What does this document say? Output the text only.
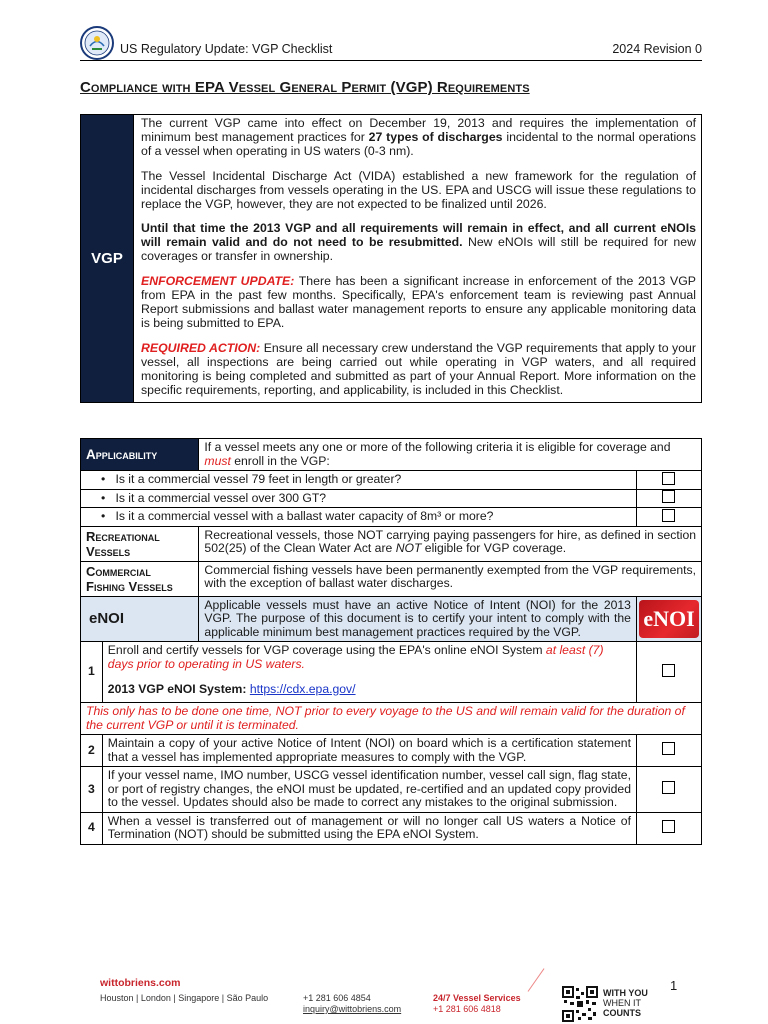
US Regulatory Update: VGP Checklist	2024 Revision 0
Compliance with EPA Vessel General Permit (VGP) Requirements
VGP	

The current VGP came into effect on December 19, 2013 and requires the implementation of minimum best management practices for 27 types of discharges incidental to the normal operations of a vessel when operating in US waters (0-3 nm).

The Vessel Incidental Discharge Act (VIDA) established a new framework for the regulation of incidental discharges from vessels operating in the US. EPA and USCG will issue these regulations to replace the VGP, however, they are not expected to be finalized until 2026.

Until that time the 2013 VGP and all requirements will remain in effect, and all current eNOIs will remain valid and do not need to be resubmitted. New eNOIs will still be required for new coverages or transfer in ownership.

ENFORCEMENT UPDATE: There has been a significant increase in enforcement of the 2013 VGP from EPA in the past few months. Specifically, EPA's enforcement team is reviewing past Annual Report submissions and ballast water management reports to ensure any applicable monitoring data is being submitted to EPA.

REQUIRED ACTION: Ensure all necessary crew understand the VGP requirements that apply to your vessel, all inspections are being carried out while operating in VGP waters, and all required monitoring is being completed and submitted as part of your Annual Report. More information on the specific requirements, reporting, and applicability, is included in this Checklist.

Applicability		If a vessel meets any one or more of the following criteria it is eligible for coverage and must enroll in the VGP:	
•   Is it a commercial vessel 79 feet in length or greater?			
•   Is it a commercial vessel over 300 GT?			
•   Is it a commercial vessel with a ballast water capacity of 8m³ or more?			
Recreational
Vessels		Recreational vessels, those NOT carrying paying passengers for hire, as defined in section 502(25) of the Clean Water Act are NOT eligible for VGP coverage.	
Commercial
Fishing Vessels		Commercial fishing vessels have been permanently exempted from the VGP requirements, with the exception of ballast water discharges.	
eNOI		Applicable vessels must have an active Notice of Intent (NOI) for the 2013 VGP. The purpose of this document is to certify your intent to comply with the applicable minimum best management practices required by the VGP.	eNOI
1	Enroll and certify vessels for VGP coverage using the EPA's online eNOI System at least (7) days prior to operating in US waters.
2013 VGP eNOI System: https://cdx.epa.gov/		

This only has to be done one time, NOT prior to every voyage to the US and will remain valid for the duration of the current VGP or until it is terminated.			
2	Maintain a copy of your active Notice of Intent (NOI) on board which is a certification statement that a vessel has implemented appropriate measures to comply with the VGP.		
3	If your vessel name, IMO number, USCG vessel identification number, vessel call sign, flag state, or port of registry changes, the eNOI must be updated, re-certified and an updated copy provided to the vessel. Updates should also be made to correct any mistakes to the original submission.		
4	When a vessel is transferred out of management or will no longer call US waters a Notice of Termination (NOT) should be submitted using the EPA eNOI System.		
wittobriens.com
Houston | London | Singapore | São Paulo	+1 281 606 4854
inquiry@wittobriens.com
24/7 Vessel Services
+1 281 606 4818
WITH YOU
WHEN IT
COUNTS
1
